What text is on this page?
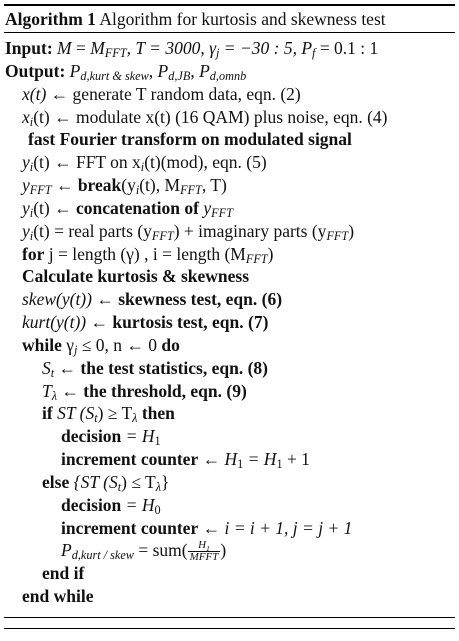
Algorithm 1 Algorithm for kurtosis and skewness test
Input: $M = M_{FFT}$, T = 3000, $\gamma_j = -30$ : 5, $P_f = 0.1$ : 1
Output: $P_{d,kurt \& skew}$, $P_{d,JB}$, $P_{d,omnb}$
x(t) ← generate T random data, eqn. (2)
$x_i(t)$ ← modulate x(t) (16 QAM) plus noise, eqn. (4)
fast Fourier transform on modulated signal
$y_i(t)$ ← FFT on $x_i(t)(mod)$, eqn. (5)
$y_{FFT}$ ← $break(y_i(t)$, $M_{FFT}$, T)
$y_i(t)$ ← concatenation of $y_{FFT}$
$y_i(t)$ = real parts $(y_{FFT})$ + imaginary parts $(y_{FFT})$
for j = length (γ) , i = length $(M_{FFT})$
Calculate kurtosis & skewness
skew(y(t)) ← skewness test, eqn. (6)
kurt(y(t)) ← kurtosis test, eqn. (7)
while $\gamma_j \le 0$, n ← 0 do
$S_t$ ← the test statistics, eqn. (8)
$T_\lambda$ ← the threshold, eqn. (9)
if ST $(S_t) \ge T_\lambda$ then
decision = $H_1$
increment counter ← $H_1 = H_1 + 1$
else {ST $(S_t) \le T_\lambda$}
decision = $H_0$
increment counter ← i = i + 1, j = j + 1
$P_{d,kurt / skew} = sum( \frac{H_1}{\text{MFFT}}$ )
end if
end while
